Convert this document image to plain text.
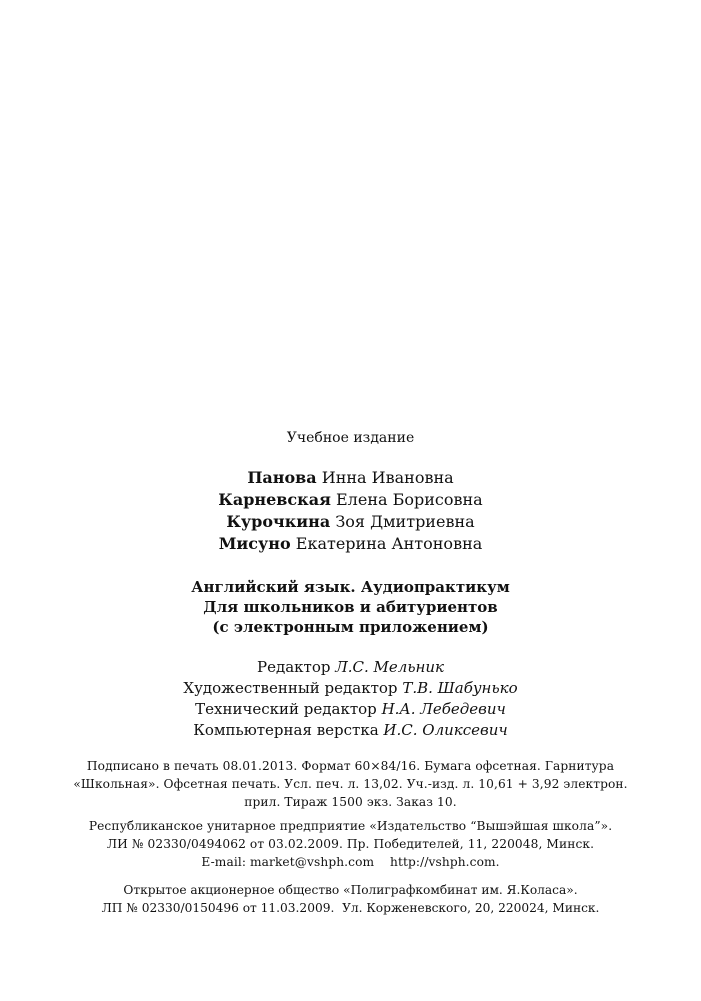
Учебное издание
Панова Инна Ивановна
Карневская Елена Борисовна
Курочкина Зоя Дмитриевна
Мисуно Екатерина Антоновна
Английский язык. Аудиопрактикум
Для школьников и абитуриентов
(с электронным приложением)
Редактор Л.С. Мельник
Художественный редактор Т.В. Шабунько
Технический редактор Н.А. Лебедевич
Компьютерная верстка И.С. Оликсевич
Подписано в печать 08.01.2013. Формат 60×84/16. Бумага офсетная. Гарнитура
«Школьная». Офсетная печать. Усл. печ. л. 13,02. Уч.-изд. л. 10,61 + 3,92 электрон.
прил. Тираж 1500 экз. Заказ 10.
Республиканское унитарное предприятие «Издательство “Вышэйшая школа”».
ЛИ № 02330/0494062 от 03.02.2009. Пр. Победителей, 11, 220048, Минск.
E-mail: market@vshph.com    http://vshph.com.
Открытое акционерное общество «Полиграфкомбинат им. Я.Коласа».
ЛП № 02330/0150496 от 11.03.2009.  Ул. Корженевского, 20, 220024, Минск.
